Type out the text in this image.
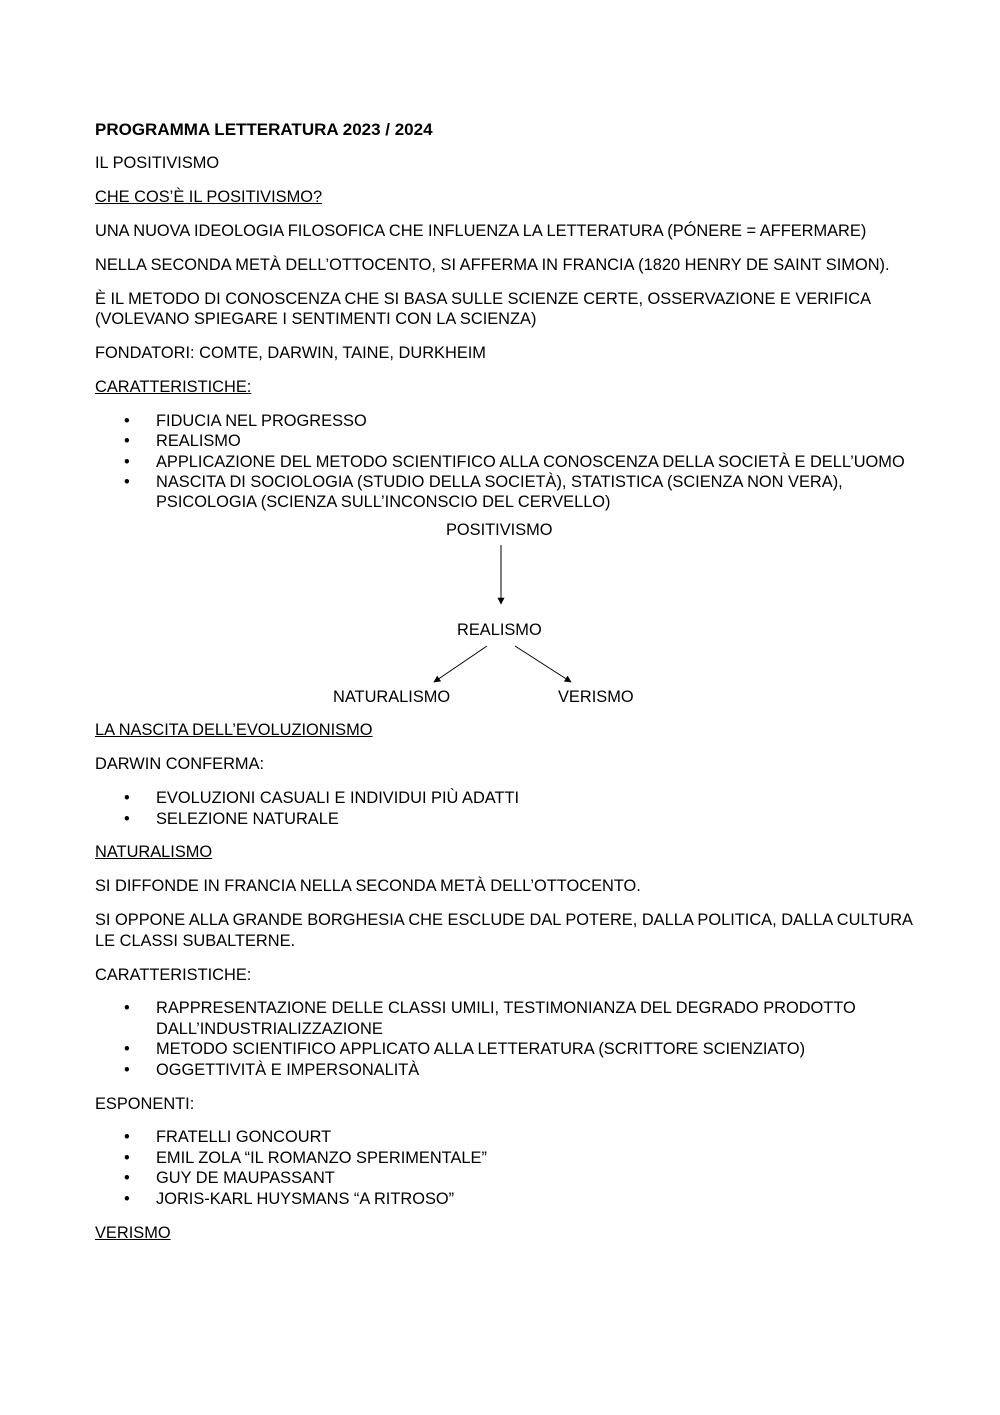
PROGRAMMA LETTERATURA 2023 / 2024

IL POSITIVISMO

CHE COS’È IL POSITIVISMO?

UNA NUOVA IDEOLOGIA FILOSOFICA CHE INFLUENZA LA LETTERATURA (PÓNERE = AFFERMARE)

NELLA SECONDA METÀ DELL’OTTOCENTO, SI AFFERMA IN FRANCIA (1820 HENRY DE SAINT SIMON).

È IL METODO DI CONOSCENZA CHE SI BASA SULLE SCIENZE CERTE, OSSERVAZIONE E VERIFICA (VOLEVANO SPIEGARE I SENTIMENTI CON LA SCIENZA)

FONDATORI: COMTE, DARWIN, TAINE, DURKHEIM

CARATTERISTICHE:

• FIDUCIA NEL PROGRESSO
• REALISMO
• APPLICAZIONE DEL METODO SCIENTIFICO ALLA CONOSCENZA DELLA SOCIETÀ E DELL’UOMO
• NASCITA DI SOCIOLOGIA (STUDIO DELLA SOCIETÀ), STATISTICA (SCIENZA NON VERA), PSICOLOGIA (SCIENZA SULL’INCONSCIO DEL CERVELLO)
POSITIVISMO
REALISMO
NATURALISMO	VERISMO

LA NASCITA DELL’EVOLUZIONISMO

DARWIN CONFERMA:

• EVOLUZIONI CASUALI E INDIVIDUI PIÙ ADATTI
• SELEZIONE NATURALE

NATURALISMO

SI DIFFONDE IN FRANCIA NELLA SECONDA METÀ DELL’OTTOCENTO.

SI OPPONE ALLA GRANDE BORGHESIA CHE ESCLUDE DAL POTERE, DALLA POLITICA, DALLA CULTURA LE CLASSI SUBALTERNE.

CARATTERISTICHE:

• RAPPRESENTAZIONE DELLE CLASSI UMILI, TESTIMONIANZA DEL DEGRADO PRODOTTO DALL’INDUSTRIALIZZAZIONE
• METODO SCIENTIFICO APPLICATO ALLA LETTERATURA (SCRITTORE SCIENZIATO)
• OGGETTIVITÀ E IMPERSONALITÀ

ESPONENTI:

• FRATELLI GONCOURT
• EMIL ZOLA “IL ROMANZO SPERIMENTALE”
• GUY DE MAUPASSANT
• JORIS-KARL HUYSMANS “A RITROSO”

VERISMO
